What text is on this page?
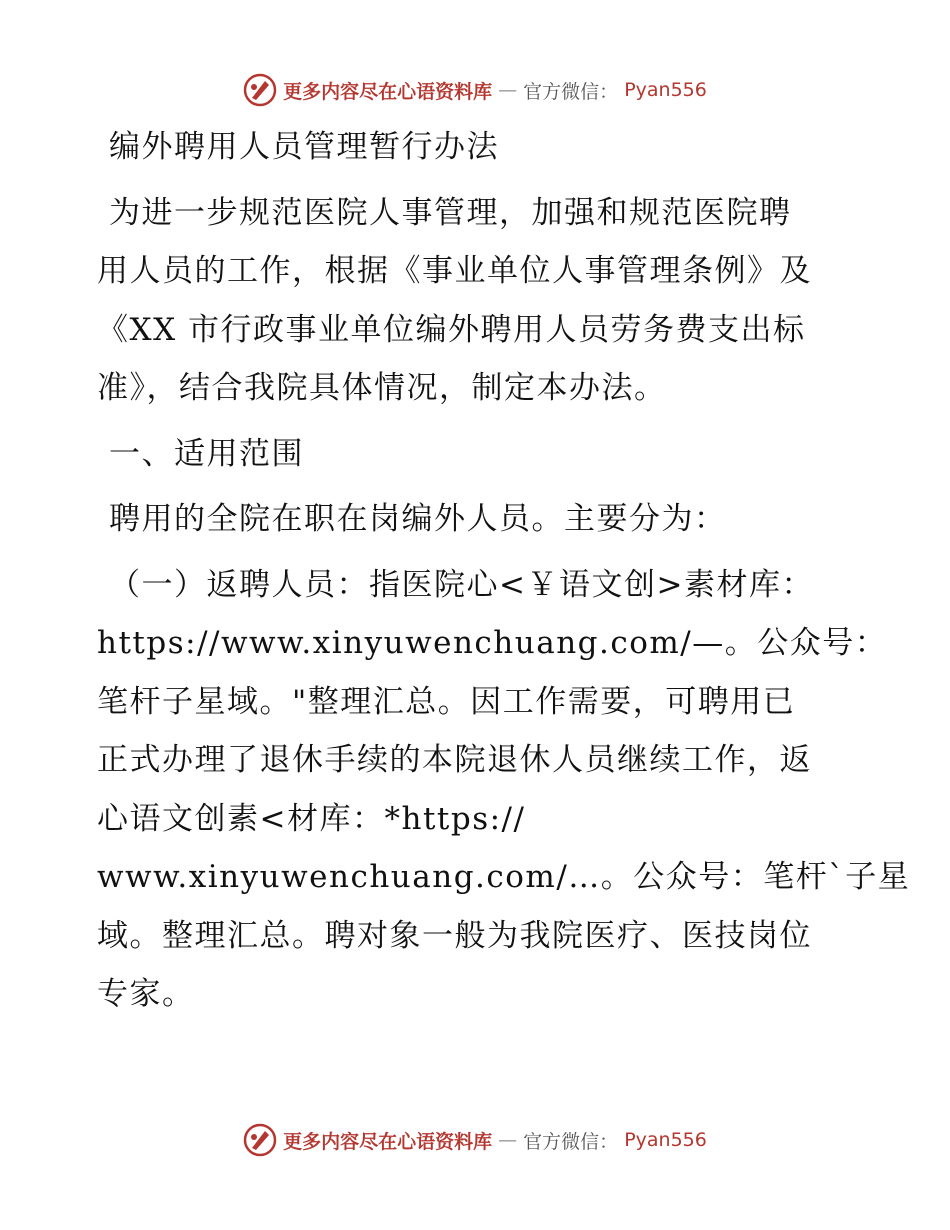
更多内容尽在心语资料库 — 官方微信： Pyan556
编外聘用人员管理暂行办法
为进一步规范医院人事管理，加强和规范医院聘
用人员的工作，根据《事业单位人事管理条例》及
《XX 市行政事业单位编外聘用人员劳务费支出标
准》，结合我院具体情况，制定本办法。
一、适用范围
聘用的全院在职在岗编外人员。主要分为：
（一）返聘人员：指医院心<￥语文创>素材库：
https://www.xinyuwenchuang.com/—。公众号：
笔杆子星域。"整理汇总。因工作需要，可聘用已
正式办理了退休手续的本院退休人员继续工作，返
心语文创素<材库：*https://
www.xinyuwenchuang.com/…。公众号：笔杆`子星
域。整理汇总。聘对象一般为我院医疗、医技岗位
专家。
更多内容尽在心语资料库 — 官方微信： Pyan556
